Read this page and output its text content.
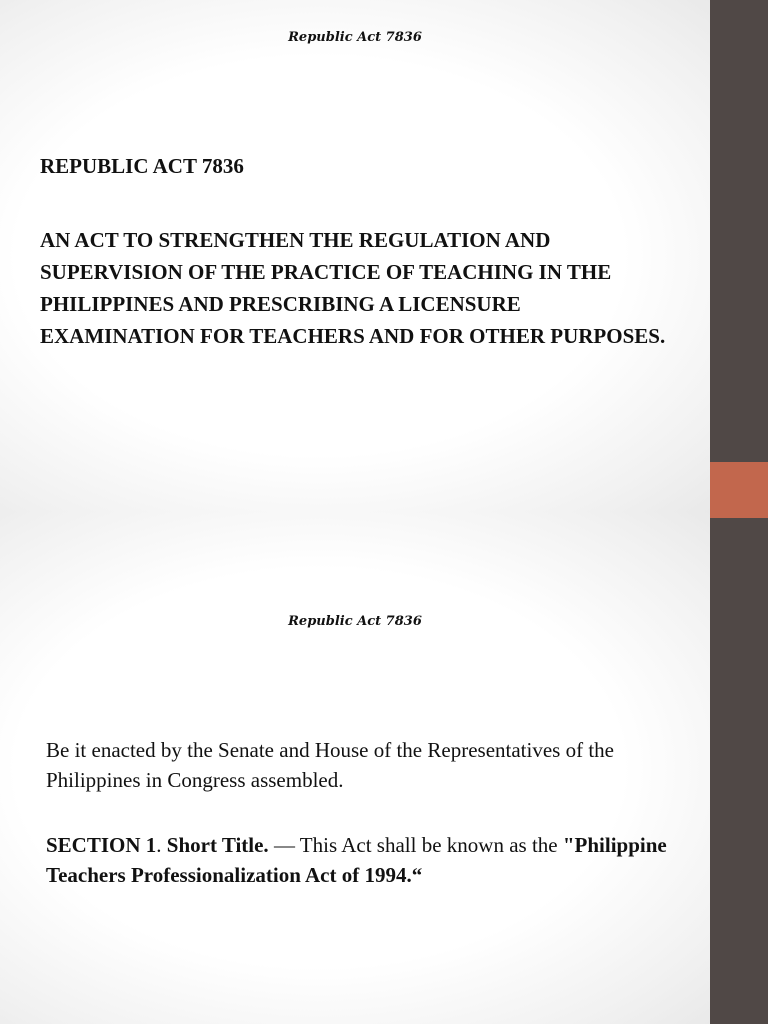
Republic Act 7836
REPUBLIC ACT 7836
AN ACT TO STRENGTHEN THE REGULATION AND SUPERVISION OF THE PRACTICE OF TEACHING IN THE PHILIPPINES AND PRESCRIBING A LICENSURE EXAMINATION FOR TEACHERS AND FOR OTHER PURPOSES.
Republic Act 7836
Be it enacted by the Senate and House of the Representatives of the Philippines in Congress assembled.
SECTION 1. Short Title. — This Act shall be known as the "Philippine Teachers Professionalization Act of 1994.“
